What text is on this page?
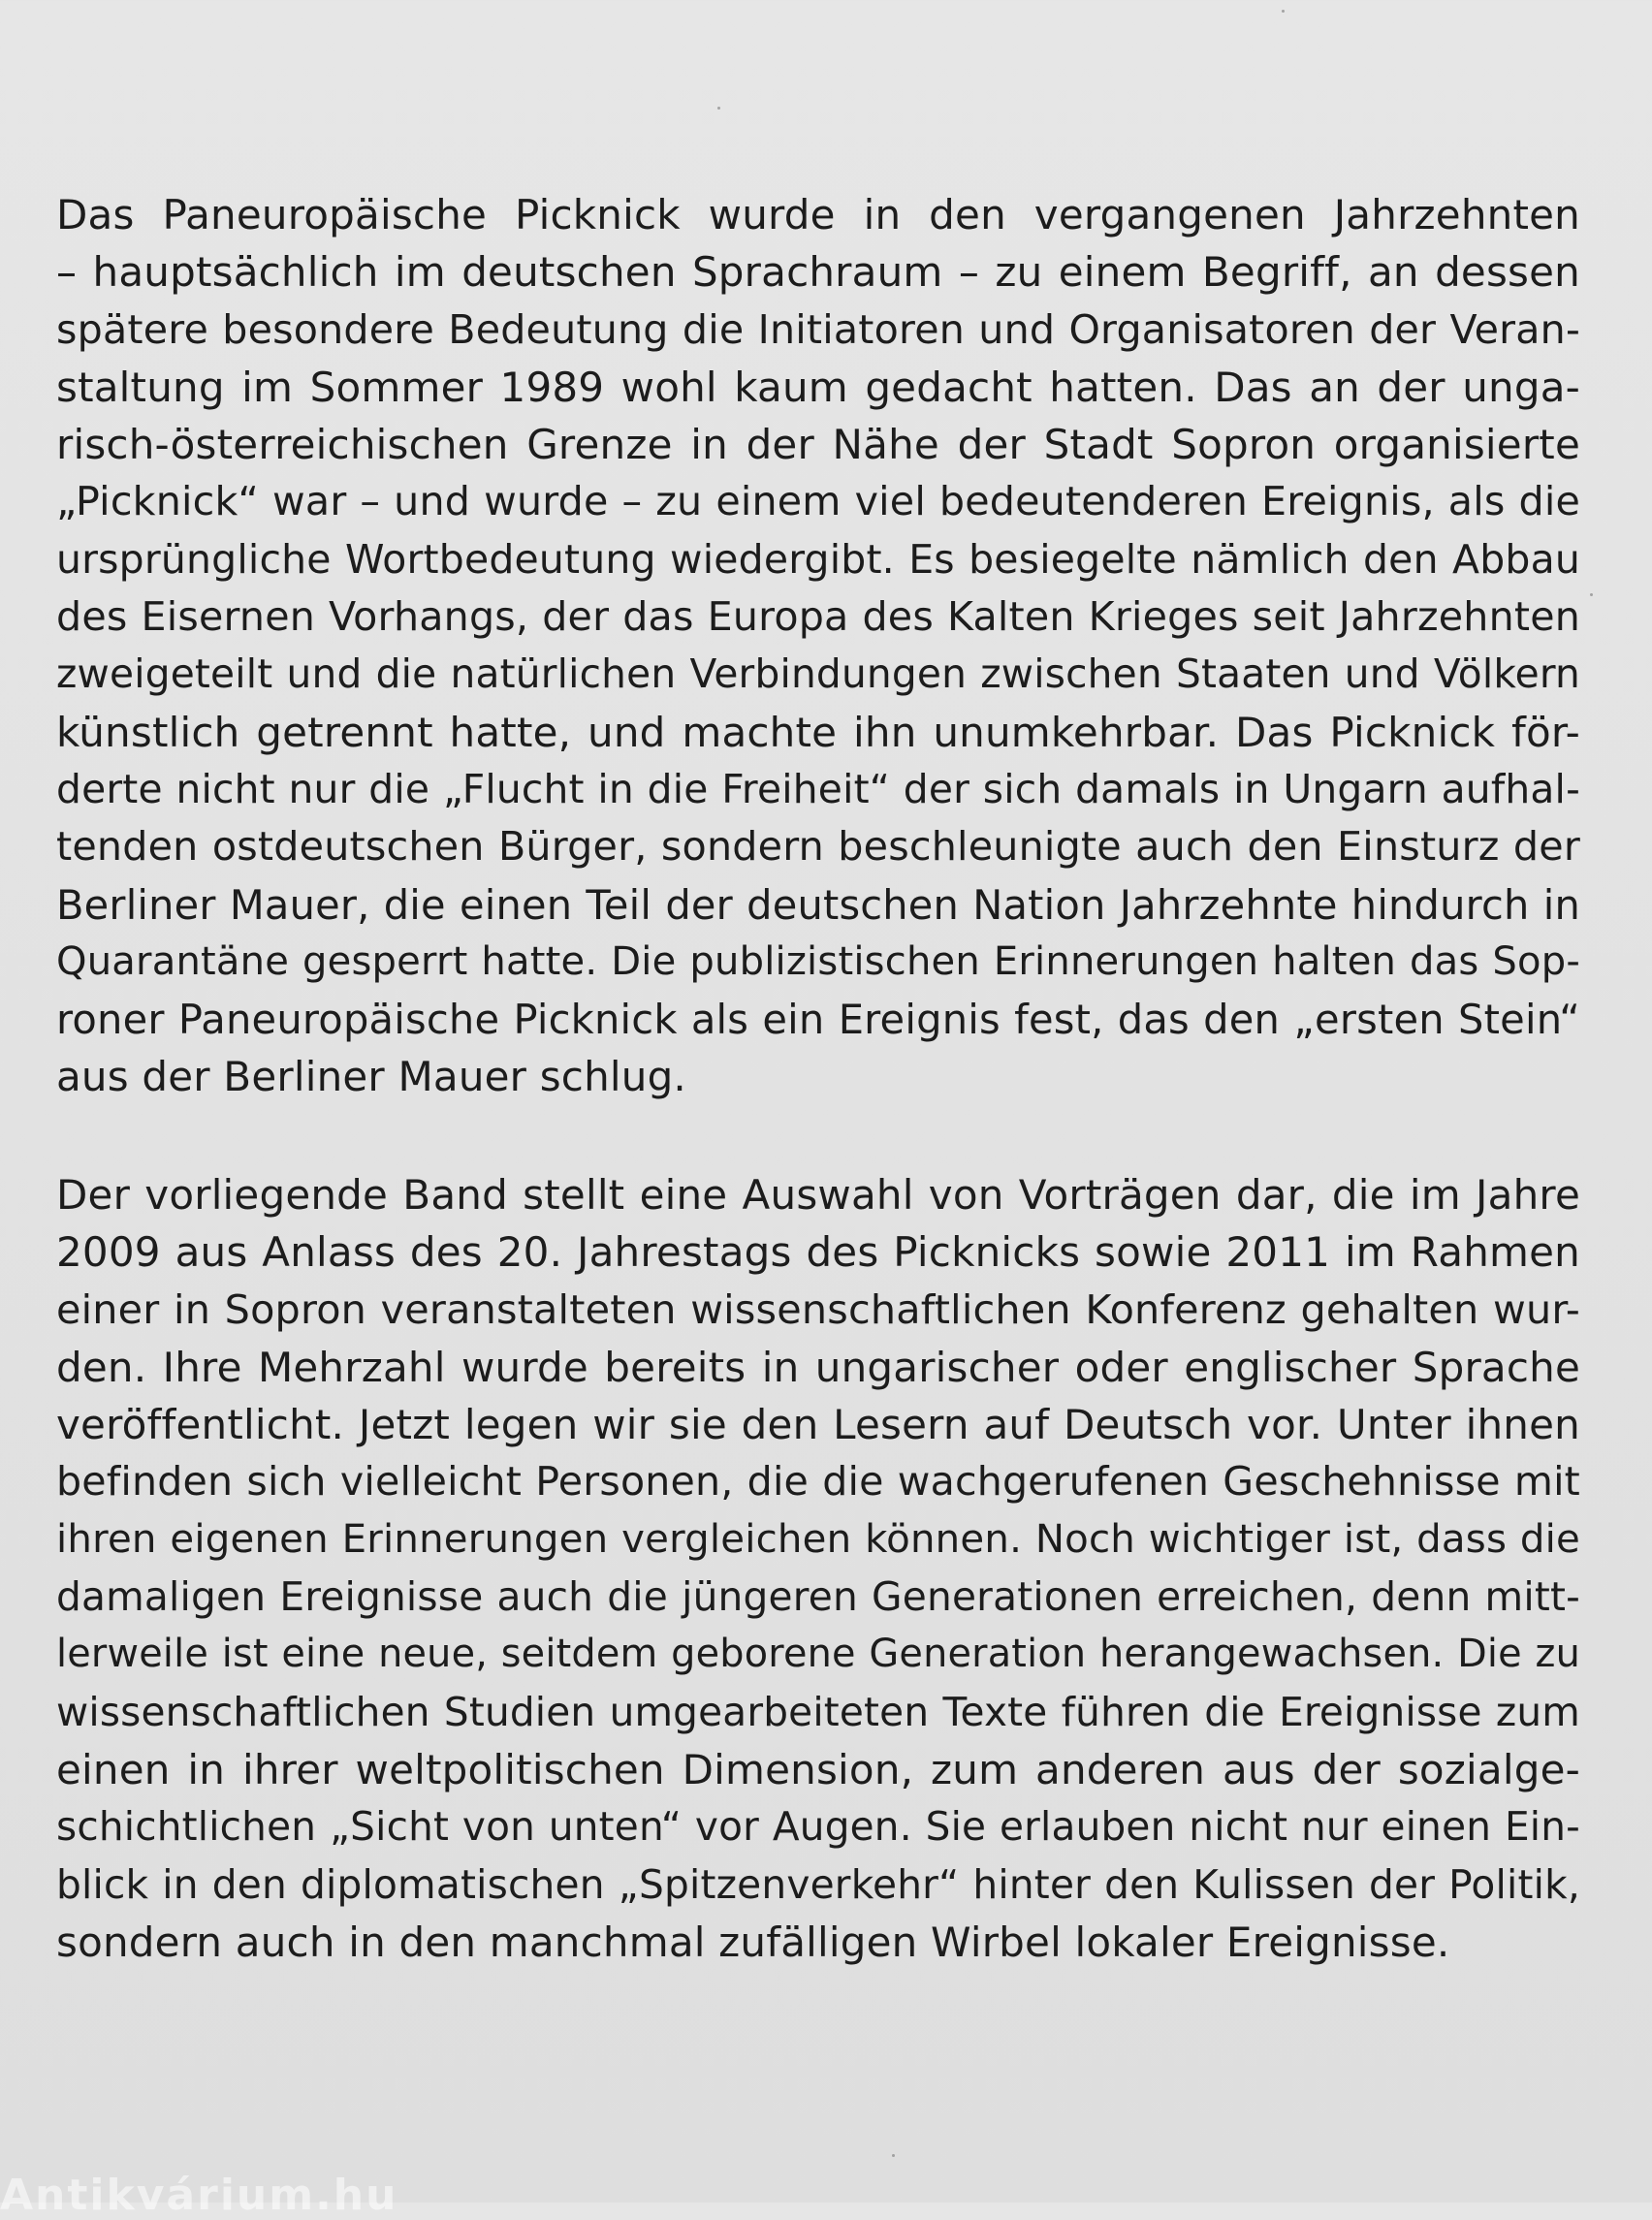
Das Paneuropäische Picknick wurde in den vergangenen Jahrzehnten
– hauptsächlich im deutschen Sprachraum – zu einem Begriff, an dessen
spätere besondere Bedeutung die Initiatoren und Organisatoren der Veran-
staltung im Sommer 1989 wohl kaum gedacht hatten. Das an der unga-
risch-österreichischen Grenze in der Nähe der Stadt Sopron organisierte
„Picknick“ war – und wurde – zu einem viel bedeutenderen Ereignis, als die
ursprüngliche Wortbedeutung wiedergibt. Es besiegelte nämlich den Abbau
des Eisernen Vorhangs, der das Europa des Kalten Krieges seit Jahrzehnten
zweigeteilt und die natürlichen Verbindungen zwischen Staaten und Völkern
künstlich getrennt hatte, und machte ihn unumkehrbar. Das Picknick för-
derte nicht nur die „Flucht in die Freiheit“ der sich damals in Ungarn aufhal-
tenden ostdeutschen Bürger, sondern beschleunigte auch den Einsturz der
Berliner Mauer, die einen Teil der deutschen Nation Jahrzehnte hindurch in
Quarantäne gesperrt hatte. Die publizistischen Erinnerungen halten das Sop-
roner Paneuropäische Picknick als ein Ereignis fest, das den „ersten Stein“
aus der Berliner Mauer schlug.
Der vorliegende Band stellt eine Auswahl von Vorträgen dar, die im Jahre
2009 aus Anlass des 20. Jahrestags des Picknicks sowie 2011 im Rahmen
einer in Sopron veranstalteten wissenschaftlichen Konferenz gehalten wur-
den. Ihre Mehrzahl wurde bereits in ungarischer oder englischer Sprache
veröffentlicht. Jetzt legen wir sie den Lesern auf Deutsch vor. Unter ihnen
befinden sich vielleicht Personen, die die wachgerufenen Geschehnisse mit
ihren eigenen Erinnerungen vergleichen können. Noch wichtiger ist, dass die
damaligen Ereignisse auch die jüngeren Generationen erreichen, denn mitt-
lerweile ist eine neue, seitdem geborene Generation herangewachsen. Die zu
wissenschaftlichen Studien umgearbeiteten Texte führen die Ereignisse zum
einen in ihrer weltpolitischen Dimension, zum anderen aus der sozialge-
schichtlichen „Sicht von unten“ vor Augen. Sie erlauben nicht nur einen Ein-
blick in den diplomatischen „Spitzenverkehr“ hinter den Kulissen der Politik,
sondern auch in den manchmal zufälligen Wirbel lokaler Ereignisse.
Antikvárium.hu
